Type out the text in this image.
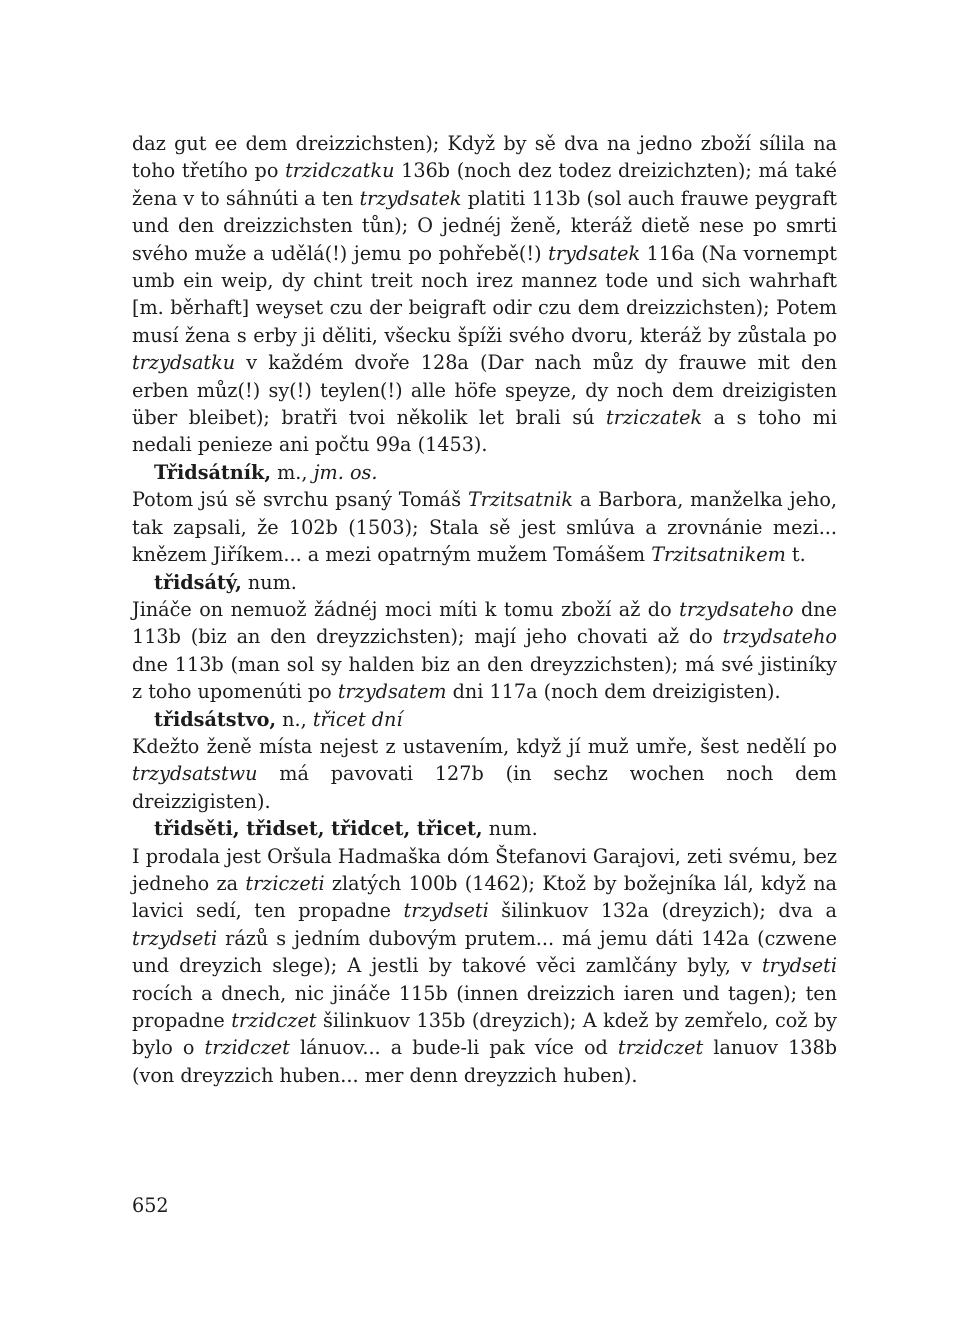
daz gut ee dem dreizzichsten); Když by sě dva na jedno zboží sílila na toho třetího po trzidczatku 136b (noch dez todez dreizichzten); má také žena v to sáhnúti a ten trzydsatek platiti 113b (sol auch frauwe peygraft und den dreizzichsten tůn); O jednéj ženě, kteráž dietě nese po smrti svého muže a udělá(!) jemu po pohřebě(!) trydsatek 116a (Na vornempt umb ein weip, dy chint treit noch irez mannez tode und sich wahrhaft [m. běrhaft] weyset czu der beigraft odir czu dem dreizzichsten); Potem musí žena s erby ji děliti, všecku špíži svého dvoru, kteráž by zůstala po trzydsatku v každém dvoře 128a (Dar nach můz dy frauwe mit den erben můz(!) sy(!) teylen(!) alle höfe speyze, dy noch dem dreizigisten über bleibet); bratři tvoi několik let brali sú trziczatek a s toho mi nedali penieze ani počtu 99a (1453).

Třidsátník, m., jm. os.

Potom jsú sě svrchu psaný Tomáš Trzitsatnik a Barbora, manželka jeho, tak zapsali, že 102b (1503); Stala sě jest smlúva a zrovnánie mezi... knězem Jiříkem... a mezi opatrným mužem Tomášem Trzitsatnikem t.

třidsátý, num.

Jináče on nemuož žádnéj moci míti k tomu zboží až do trzydsateho dne 113b (biz an den dreyzzichsten); mají jeho chovati až do trzydsateho dne 113b (man sol sy halden biz an den dreyzzichsten); má své jistiníky z toho upomenúti po trzydsatem dni 117a (noch dem dreizigisten).

třidsátstvo, n., třicet dní

Kdežto ženě místa nejest z ustavením, když jí muž umře, šest nedělí po trzydsatstwu má pavovati 127b (in sechz wochen noch dem dreizzigisten).

třidsěti, třidset, třidcet, třicet, num.

I prodala jest Oršula Hadmaška dóm Štefanovi Garajovi, zeti svému, bez jedneho za trziczeti zlatých 100b (1462); Ktož by božejníka lál, když na lavici sedí, ten propadne trzydseti šilinkuov 132a (dreyzich); dva a trzydseti rázů s jedním dubovým prutem... má jemu dáti 142a (czwene und dreyzich slege); A jestli by takové věci zamlčány byly, v trydseti rocích a dnech, nic jináče 115b (innen dreizzich iaren und tagen); ten propadne trzidczet šilinkuov 135b (dreyzich); A kdež by zemřelo, což by bylo o trzidczet lánuov... a bude-li pak více od trzidczet lanuov 138b (von dreyzzich huben... mer denn dreyzzich huben).

652
